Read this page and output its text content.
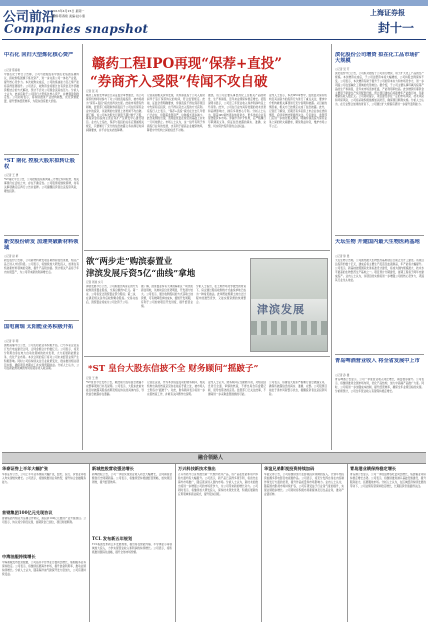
公司前沿
2013年4月15日 星期一
编辑:陈春艳 美编:赵小康
Companies snapshot
上海证券报
封十一
中石化 回归大型炼化核心资产
○记者 陈春艳
中国石化于昨日公告称，公司与控股股东中国石化集团签署协议，拟收购集团旗下炼化资产，进一步完善公司一体化产业链，提升核心竞争力。本次收购完成后，公司的炼油能力及乙烯产能将获得显著提升。公司表示，收购资金将通过自有资金及外部融资相结合的方式解决，预计不会对公司现金流造成压力。分析人士认为，此举有助于公司回归大型炼化核心资产，并增强盈利稳定性。公司同时表示，将持续推进产业结构调整，优化资源配置，提升整体经营效率，为股东创造更大价值。
*ST 南化 控股大股东拟转让股权
○记者 王 勇
*ST南化今日公告，公司控股股东拟向第三方转让所持股份，相关事项仍在洽谈之中，存在不确定性。公司股票将继续停牌，待有关事项确定后再行公告并复牌。公司提醒投资者注意投资风险，理性投资。
新安股份研发 加速突破新材料领域
○记者 赵 彬
新安股份公告称，公司新材料研发项目取得阶段性进展，相关产品已进入中试阶段。公司表示，将继续加大研发投入，加速在有机硅新材料领域的突破，提升产品附加值。预计相关产品将于年内实现量产，为公司带来新的利润增长点。
国电南瑞 太阳能业务积极开拓
○记者 李 明
国电南瑞今日公告，公司太阳能业务积极开拓，已与多家企业签订光伏电站建设合同，合同金额合计约数亿元。公司表示，将充分利用自身在电力自动化领域的技术优势，大力拓展新能源业务，优化产业布局。本次合同的签订将对公司未来经营业绩产生积极影响。同时公司将持续关注行业政策变化，稳步推进相关项目实施，确保项目按期完工并实现预期收益。分析人士认为，公司在新能源领域的布局将逐步进入收获期。
赣药工程IPO再现“保荐+直投”
“券商齐入受限”传闻不攻自破
记者 张 亮
赣药工程首发申请近日获证监会审核通过，该公司保荐机构同时参与了对公司的直接投资，被市场视为“保荐+直投”模式的再次出现。此前市场曾有传闻称，监管部门将限制券商直投子公司在所保荐企业中的投资，该案例的出现使上述传闻不攻自破。据了解，该公司本次拟发行新股不超过数千万股，募集资金将投向主营业务扩产及研发中心建设项目。业内人士指出，保荐与直投的关系应遵循相关规定，只要履行了充分的信息披露义务并满足时间间隔要求，并不存在实质性障碍。
记者查阅相关资料发现，该券商直投子公司入股时间早于签订保荐协议的时间，符合监管规定。此前，证监会曾明确要求，券商直投不得在保荐项目中先保荐后投资，也不得以突击入股的方式获利。有投行人士表示，“保荐+直投”模式在过去几年曾广泛存在，但随着监管趋严，这种模式逐步减少。此次案例的出现，表明监管层在规范的基础上并未一刀切地禁止。市场人士认为，这一信号有利于券商投行业务的发展，也有利于提高企业融资效率，降低中介机构之间的信息不对称。
据悉，该公司主要从事医药化工及相关产品的研发、生产和销售，近年来业绩保持稳定增长。招股说明书显示，公司近三年营业收入和净利润均呈上升趋势。此外，公司在行业内具有较强的技术优势和品牌影响力，拥有多项核心专利。分析人士认为，随着IPO审核逐步恢复常态，更多优质企业有望登陆资本市场。券商作为中介机构，应严格履行尽职调查义务，保证信息披露的真实、准确、完整，切实保护投资者的合法权益。
业内人士表示，本次IPO审核中，监管层对保荐机构及其关联方的投资行为进行了重点关注，要求中介机构就相关事项进行充分说明和披露。从目前的情况看，相关方已按规定完成了信息披露。此外，记者还了解到，近期还有多家拟上市企业存在类似情况，后续审核结果值得关注。专家建议，监管部门应进一步细化相关规则，明确券商直投与保荐业务之间的防火墙要求，避免利益冲突，维护市场公平公正。
滨化股份公司增资 拟在化工品市场扩大规模
○记者 吴 芳
滨化股份今日公告，公司拟对控股子公司进行增资，用于扩大化工产品的生产规模。本次增资完成后，子公司注册资本将大幅增加，公司持股比例保持不变。公司表示，本次增资有助于提升子公司的资本实力和市场竞争力，进一步巩固公司在氯碱化工领域的优势地位。据介绍，子公司主要从事环氧丙烷等产品的生产和销售，近年来市场需求旺盛，产能利用率较高。此次增资所募资金主要用于新建生产线及配套设施，预计项目建成后将新增年产能数万吨，年新增销售收入数亿元。公司同时提示，项目建设存在一定的市场风险、技术风险和环保风险，公司将采取积极措施加以防范，确保项目顺利实施。分析人士认为，在行业整合加速的背景下，公司通过扩大规模有望进一步提升盈利能力。
天坛生物 开建国内最大生物医药基地
○记者 徐 晨
天坛生物公告称，公司国内最大生物医药基地项目日前正式开工建设。该项目总投资约数十亿元，建成后将主要生产疫苗及血液制品，年产能将大幅提升。公司表示，新基地按照国际先进标准设计建设，将成为国内规模最大、技术水平最高的生物医药生产基地之一。项目预计分期建设，首期工程将于两年内建成投产。业内人士认为，该项目的实施将进一步增强公司的核心竞争力，巩固其行业龙头地位。
青岛啤酒营业收入 将全省发展中上市
○记者 孙 健
青岛啤酒公告显示，公司一季度营业收入同比增长，销量稳步提升。公司表示，将继续推进全国市场布局，优化产品结构，加大中高端产品推广力度。同时，公司将进一步加强成本控制，提升经营效率，确保全年业绩目标的实现。分析师预计，公司全年营业收入有望保持稳定增长。
欲“两步走”购滨泰置业
津滨发展斥资5亿“曲线”拿地
记者 周旭 实习
津滨发展今日公告，公司拟通过两步走的方式收购滨泰置业股权，交易总额约5亿元。第一步，公司将受让滨泰置业部分股权；第二步，在满足相关条件后收购剩余股权。交易完成后，滨泰置业将成为公司全资子公司。
据了解，滨泰置业持有天津滨海新区一块优质商住用地，该地块区位优势明显，开发潜力较大。公司表示，通过收购股权的方式获取土地资源，可有效降低拿地成本，缩短开发周期，有利于公司加快项目开发进度，提升经营业绩。
分析人士指出，在土地市场竞争激烈的背景下，房企通过股权收购的方式曲线拿地已成为一种常见做法。此举既能规避土地出让过程中的激烈竞争，又能实现资源的快速整合。
津滨发展
*ST 皇台大股东信披不全 财务顾问“摇跛子”
记者 王 勇
*ST皇台今日发布公告，就此前大股东信息披露不完整事项进行补充说明。公司表示，大股东此前未能及时披露其股权质押及相关协议的具体内容，导致信息披露存在遗漏。
记者注意到，作为本次权益变动的财务顾问，相关机构出具的核查意见存在前后矛盾之处，被市场人士形容为“摇跛子”。对此，财务顾问表示将进一步完善核查工作，并就有关问题作出说明。
业内人士认为，财务顾问应当勤勉尽责，对相关信息进行全面、审慎的核查，不得出具含有虚假记载、误导性陈述的意见。监管部门已关注此事，不排除进一步采取监管措施的可能。
公司表示，将督促大股东严格履行信息披露义务，确保所披露信息的真实、准确、完整。公司股票目前处于退市风险警示状态，提醒投资者注意投资风险。
融合领路人
华泰证券上半年大幅扩张
华泰证券公告，公司上半年业务规模大幅扩张，经纪、投行、资管业务收入均实现较快增长。公司表示，将继续推进业务转型，提升综合金融服务能力。
首钢集团100亿元兑现协议
首钢集团与相关方签署合作协议，拟投资100亿元推进产业升级项目。公司表示，协议将分阶段兑现，首期资金已到位，项目进展顺利。
中海油服持续增长
中海油服发布经营数据，公司钻井平台作业日数同比增长，船舶服务业务保持稳定。公司表示，将继续拓展海外市场，提升装备利用率，推动业绩持续增长。分析人士认为，随着海洋油气勘探开发力度加大，公司有望持续受益。
新城控股营收强劲增长
新城控股公告，公司一季度实现营业收入同比大幅增长，合同销售金额创历史同期新高。公司表示，将继续坚持稳健经营策略，加快项目周转，提升经营效率。
TCL 发布新五年规划
TCL集团发布新五年发展规划，提出将在智能终端、半导体显示等领域加大投入，力争实现营业收入和利润的持续增长。公司表示，将积极推进国际化战略，提升全球市场份额。
万兴科技新技术推出
万兴科技今日宣布推出新一代软件技术产品，该产品在性能和用户体验方面均有大幅提升。公司表示，新产品已获得多项专利，将首先在海外市场推广，随后逐步进入国内市场。分析人士认为，新技术的推出将进一步增强公司的市场竞争力，为公司带来新的增长动力。公司同时表示，将继续加大研发投入，保持技术领先优势，积极拓展新的应用领域和商业模式，提升股东回报。
华谊兄弟影视投资持续加码
华谊兄弟公告，公司将继续加大在影视投资领域的投入，计划年内投资拍摄多部电影及电视剧作品。公司表示，将充分发挥自身在内容制作和发行方面的优势，提升作品质量和市场影响力。业内人士认为，随着国内影视市场持续扩容，公司有望受益于行业景气度的提升，实现业绩稳步增长。公司同时将积极布局新媒体及衍生品业务，推动产业链延伸。
青岛港业绩保持稳定增长
青岛港公告显示，公司一季度货物吞吐量同比增长，集装箱业务保持稳定增长态势。公司表示，将继续推进港口基础设施建设，提升服务能力，拓展腹地市场。分析人士认为，在区域经济持续发展的带动下，公司业绩有望保持稳定增长，长期投资价值值得关注。
